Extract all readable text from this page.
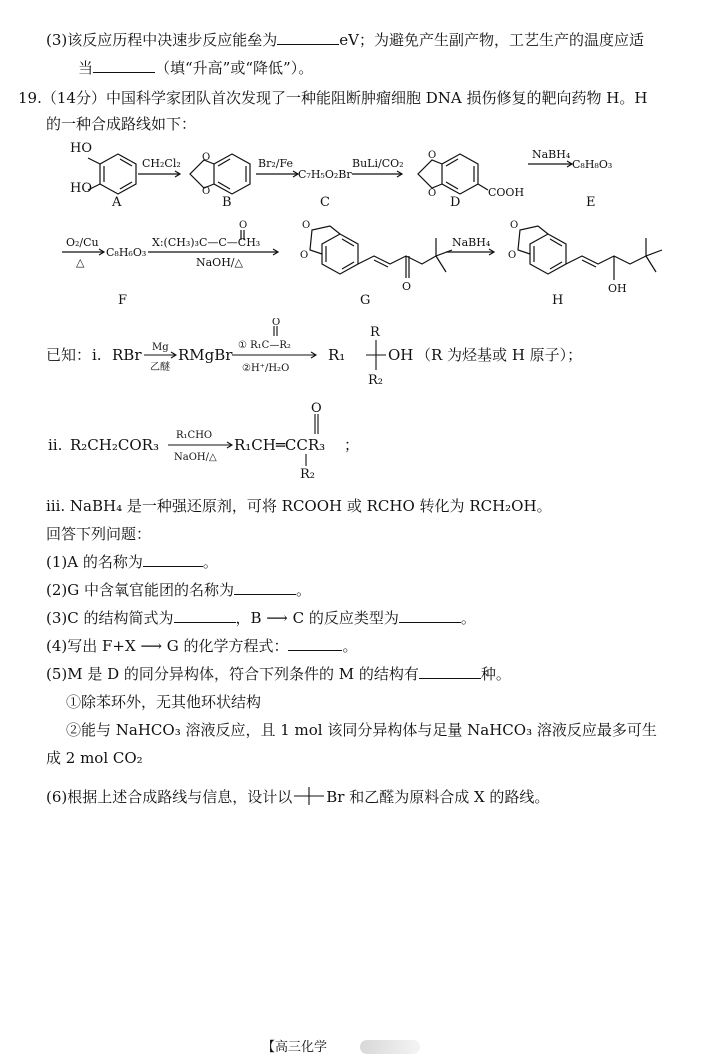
(3)该反应历程中决速步反应能垒为	eV；为避免产生副产物，工艺生产的温度应适
当	（填“升高”或“降低”）。
19.（14分）中国科学家团队首次发现了一种能阻断肿瘤细胞 DNA 损伤修复的靶向药物 H。H
的一种合成路线如下：
HO
HO
A
CH₂Cl₂ O
O
B
Br₂/Fe
C₇H₅O₂Br
C
BuLi/CO₂
O
O	COOH
D
NaBH₄
C₈H₈O₃
E
O₂/Cu
△
C₈H₆O₃
F
O
X:(CH₃)₃C—C—CH₃
NaOH/△
O
O
O
G
NaBH₄
O
O
OH
H
已知： ⅰ. RBr Mg
乙醚
RMgBr
O
① R₁C—R₂
②H⁺/H₂O
R
R₁	OH
R₂
（R 为烃基或 H 原子）；
ⅱ. R₂CH₂COR₃
R₁CHO
NaOH/△
O
R₁CH═CCR₃
R₂
；
ⅲ. NaBH₄ 是一种强还原剂，可将 RCOOH 或 RCHO 转化为 RCH₂OH。
回答下列问题：
(1)A 的名称为	。
(2)G 中含氧官能团的名称为	。
(3)C 的结构简式为	，B ⟶ C 的反应类型为	。
(4)写出 F+X ⟶ G 的化学方程式：	。
(5)M 是 D 的同分异构体，符合下列条件的 M 的结构有	种。
①除苯环外，无其他环状结构
②能与 NaHCO₃ 溶液反应，且 1 mol 该同分异构体与足量 NaHCO₃ 溶液反应最多可生
成 2 mol CO₂
(6)根据上述合成路线与信息，设计以 Br 和乙醛为原料合成 X 的路线。
【高三化学
